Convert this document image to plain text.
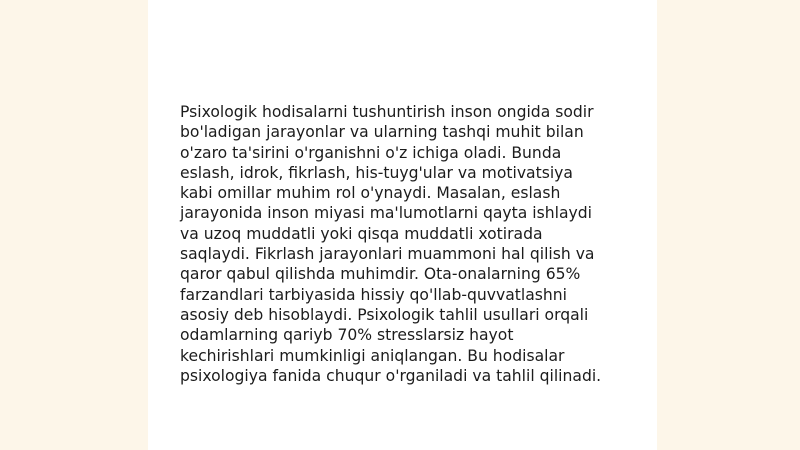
Psixologik hodisalarni tushuntirish inson ongida sodir
bo'ladigan jarayonlar va ularning tashqi muhit bilan
o'zaro ta'sirini o'rganishni o'z ichiga oladi. Bunda
eslash, idrok, fikrlash, his-tuyg'ular va motivatsiya
kabi omillar muhim rol o'ynaydi. Masalan, eslash
jarayonida inson miyasi ma'lumotlarni qayta ishlaydi
va uzoq muddatli yoki qisqa muddatli xotirada
saqlaydi. Fikrlash jarayonlari muammoni hal qilish va
qaror qabul qilishda muhimdir. Ota-onalarning 65%
farzandlari tarbiyasida hissiy qo'llab-quvvatlashni
asosiy deb hisoblaydi. Psixologik tahlil usullari orqali
odamlarning qariyb 70% stresslarsiz hayot
kechirishlari mumkinligi aniqlangan. Bu hodisalar
psixologiya fanida chuqur o'rganiladi va tahlil qilinadi.
